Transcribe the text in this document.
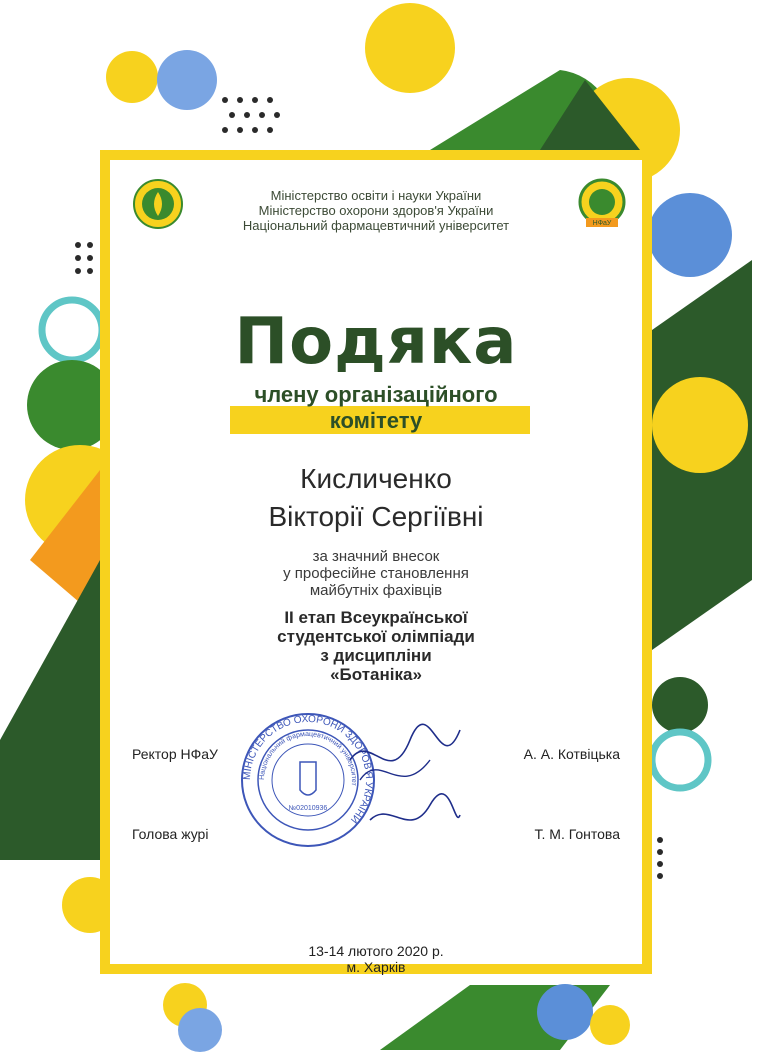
НФаУ
Міністерство освіти і науки України
Міністерство охорони здоров'я України
Національний фармацевтичний університет
Подяка
члену організаційного
комітету
Кисличенко
Вікторії Сергіївні
за значний внесок
у професійне становлення
майбутніх фахівців
ІІ етап Всеукраїнської
студентської олімпіади
з дисципліни
«Ботаніка»
МІНІСТЕРСТВО ОХОРОНИ ЗДОРОВ'Я УКРАЇНИ
Національний фармацевтичний університет
№02010936
Ректор НФаУ	А. А. Котвіцька
Голова журі	Т. М. Гонтова
13-14 лютого 2020 р.
м. Харків
